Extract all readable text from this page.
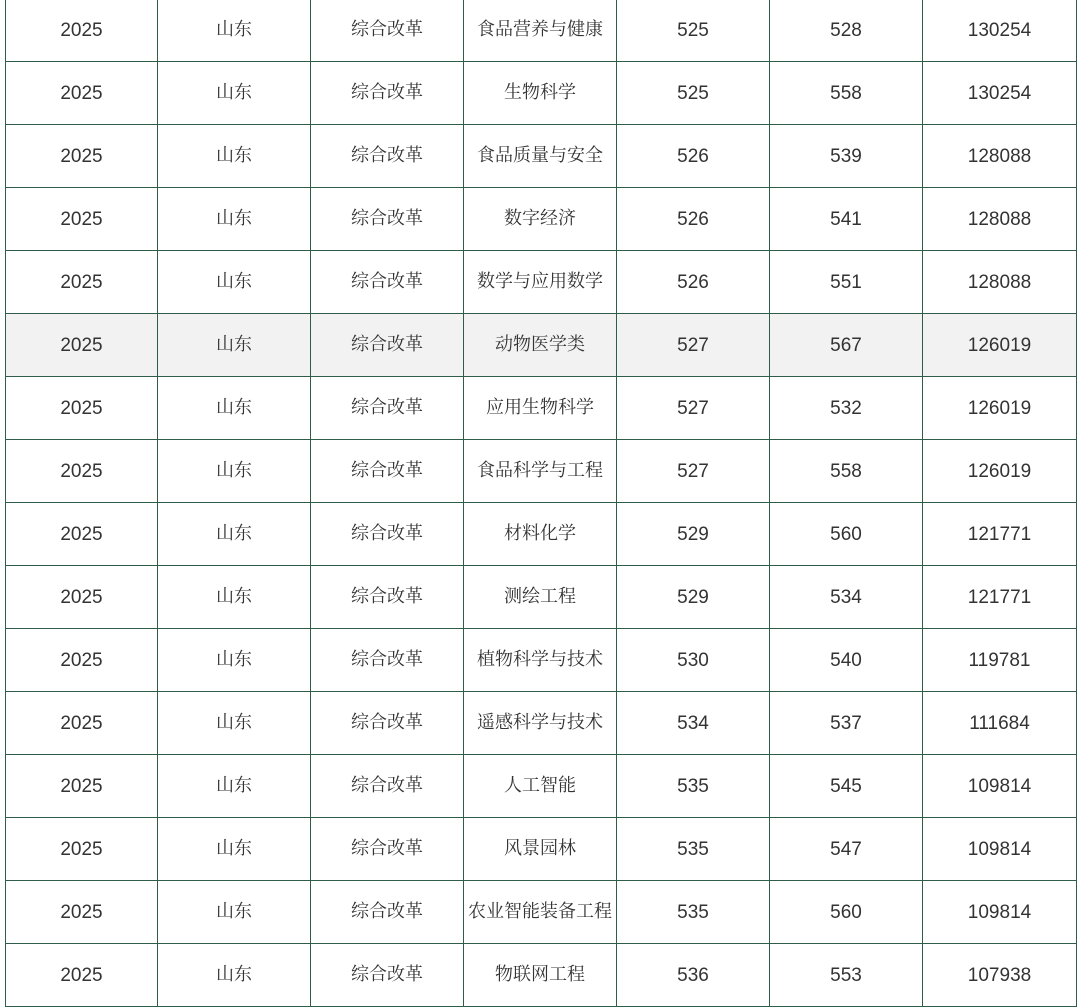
2025	山东	综合改革	食品营养与健康	525	528	130254
2025	山东	综合改革	生物科学	525	558	130254
2025	山东	综合改革	食品质量与安全	526	539	128088
2025	山东	综合改革	数字经济	526	541	128088
2025	山东	综合改革	数学与应用数学	526	551	128088
2025	山东	综合改革	动物医学类	527	567	126019
2025	山东	综合改革	应用生物科学	527	532	126019
2025	山东	综合改革	食品科学与工程	527	558	126019
2025	山东	综合改革	材料化学	529	560	121771
2025	山东	综合改革	测绘工程	529	534	121771
2025	山东	综合改革	植物科学与技术	530	540	119781
2025	山东	综合改革	遥感科学与技术	534	537	111684
2025	山东	综合改革	人工智能	535	545	109814
2025	山东	综合改革	风景园林	535	547	109814
2025	山东	综合改革	农业智能装备工程	535	560	109814
2025	山东	综合改革	物联网工程	536	553	107938
